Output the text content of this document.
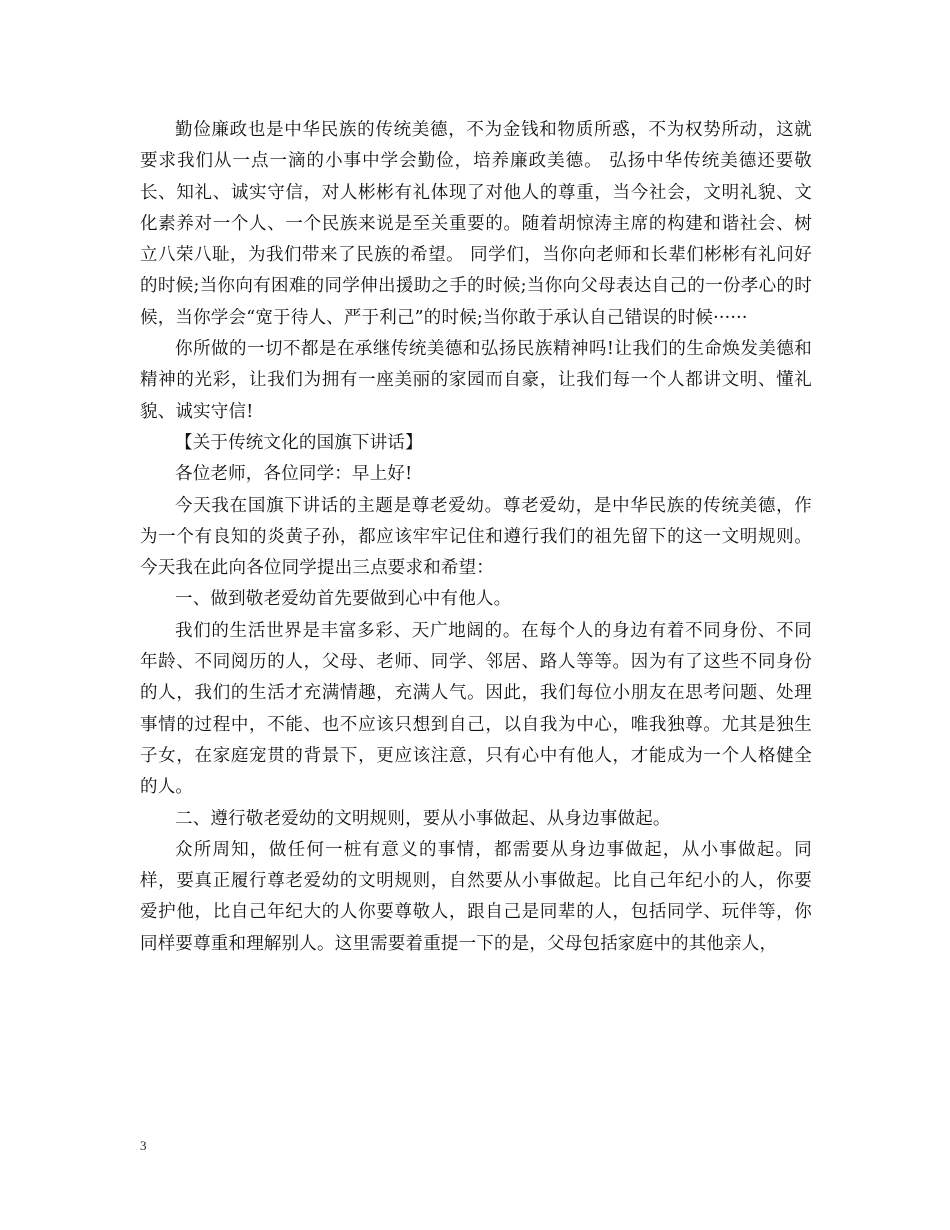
勤俭廉政也是中华民族的传统美德，不为金钱和物质所惑，不为权势所动，这就要求我们从一点一滴的小事中学会勤俭，培养廉政美德。 弘扬中华传统美德还要敬长、知礼、诚实守信，对人彬彬有礼体现了对他人的尊重，当今社会，文明礼貌、文化素养对一个人、一个民族来说是至关重要的。随着胡惊涛主席的构建和谐社会、树立八荣八耻，为我们带来了民族的希望。 同学们，当你向老师和长辈们彬彬有礼问好的时候;当你向有困难的同学伸出援助之手的时候;当你向父母表达自己的一份孝心的时候，当你学会“宽于待人、严于利己”的时候;当你敢于承认自己错误的时候······

你所做的一切不都是在承继传统美德和弘扬民族精神吗!让我们的生命焕发美德和精神的光彩，让我们为拥有一座美丽的家园而自豪，让我们每一个人都讲文明、懂礼貌、诚实守信!

【关于传统文化的国旗下讲话】

各位老师，各位同学：早上好!

今天我在国旗下讲话的主题是尊老爱幼。尊老爱幼，是中华民族的传统美德，作为一个有良知的炎黄子孙，都应该牢牢记住和遵行我们的祖先留下的这一文明规则。今天我在此向各位同学提出三点要求和希望：

一、做到敬老爱幼首先要做到心中有他人。

我们的生活世界是丰富多彩、天广地阔的。在每个人的身边有着不同身份、不同年龄、不同阅历的人，父母、老师、同学、邻居、路人等等。因为有了这些不同身份的人，我们的生活才充满情趣，充满人气。因此，我们每位小朋友在思考问题、处理事情的过程中，不能、也不应该只想到自己，以自我为中心，唯我独尊。尤其是独生子女，在家庭宠贯的背景下，更应该注意，只有心中有他人，才能成为一个人格健全的人。

二、遵行敬老爱幼的文明规则，要从小事做起、从身边事做起。

众所周知，做任何一桩有意义的事情，都需要从身边事做起，从小事做起。同样，要真正履行尊老爱幼的文明规则，自然要从小事做起。比自己年纪小的人，你要爱护他，比自己年纪大的人你要尊敬人，跟自己是同辈的人，包括同学、玩伴等，你同样要尊重和理解别人。这里需要着重提一下的是，父母包括家庭中的其他亲人，

3
